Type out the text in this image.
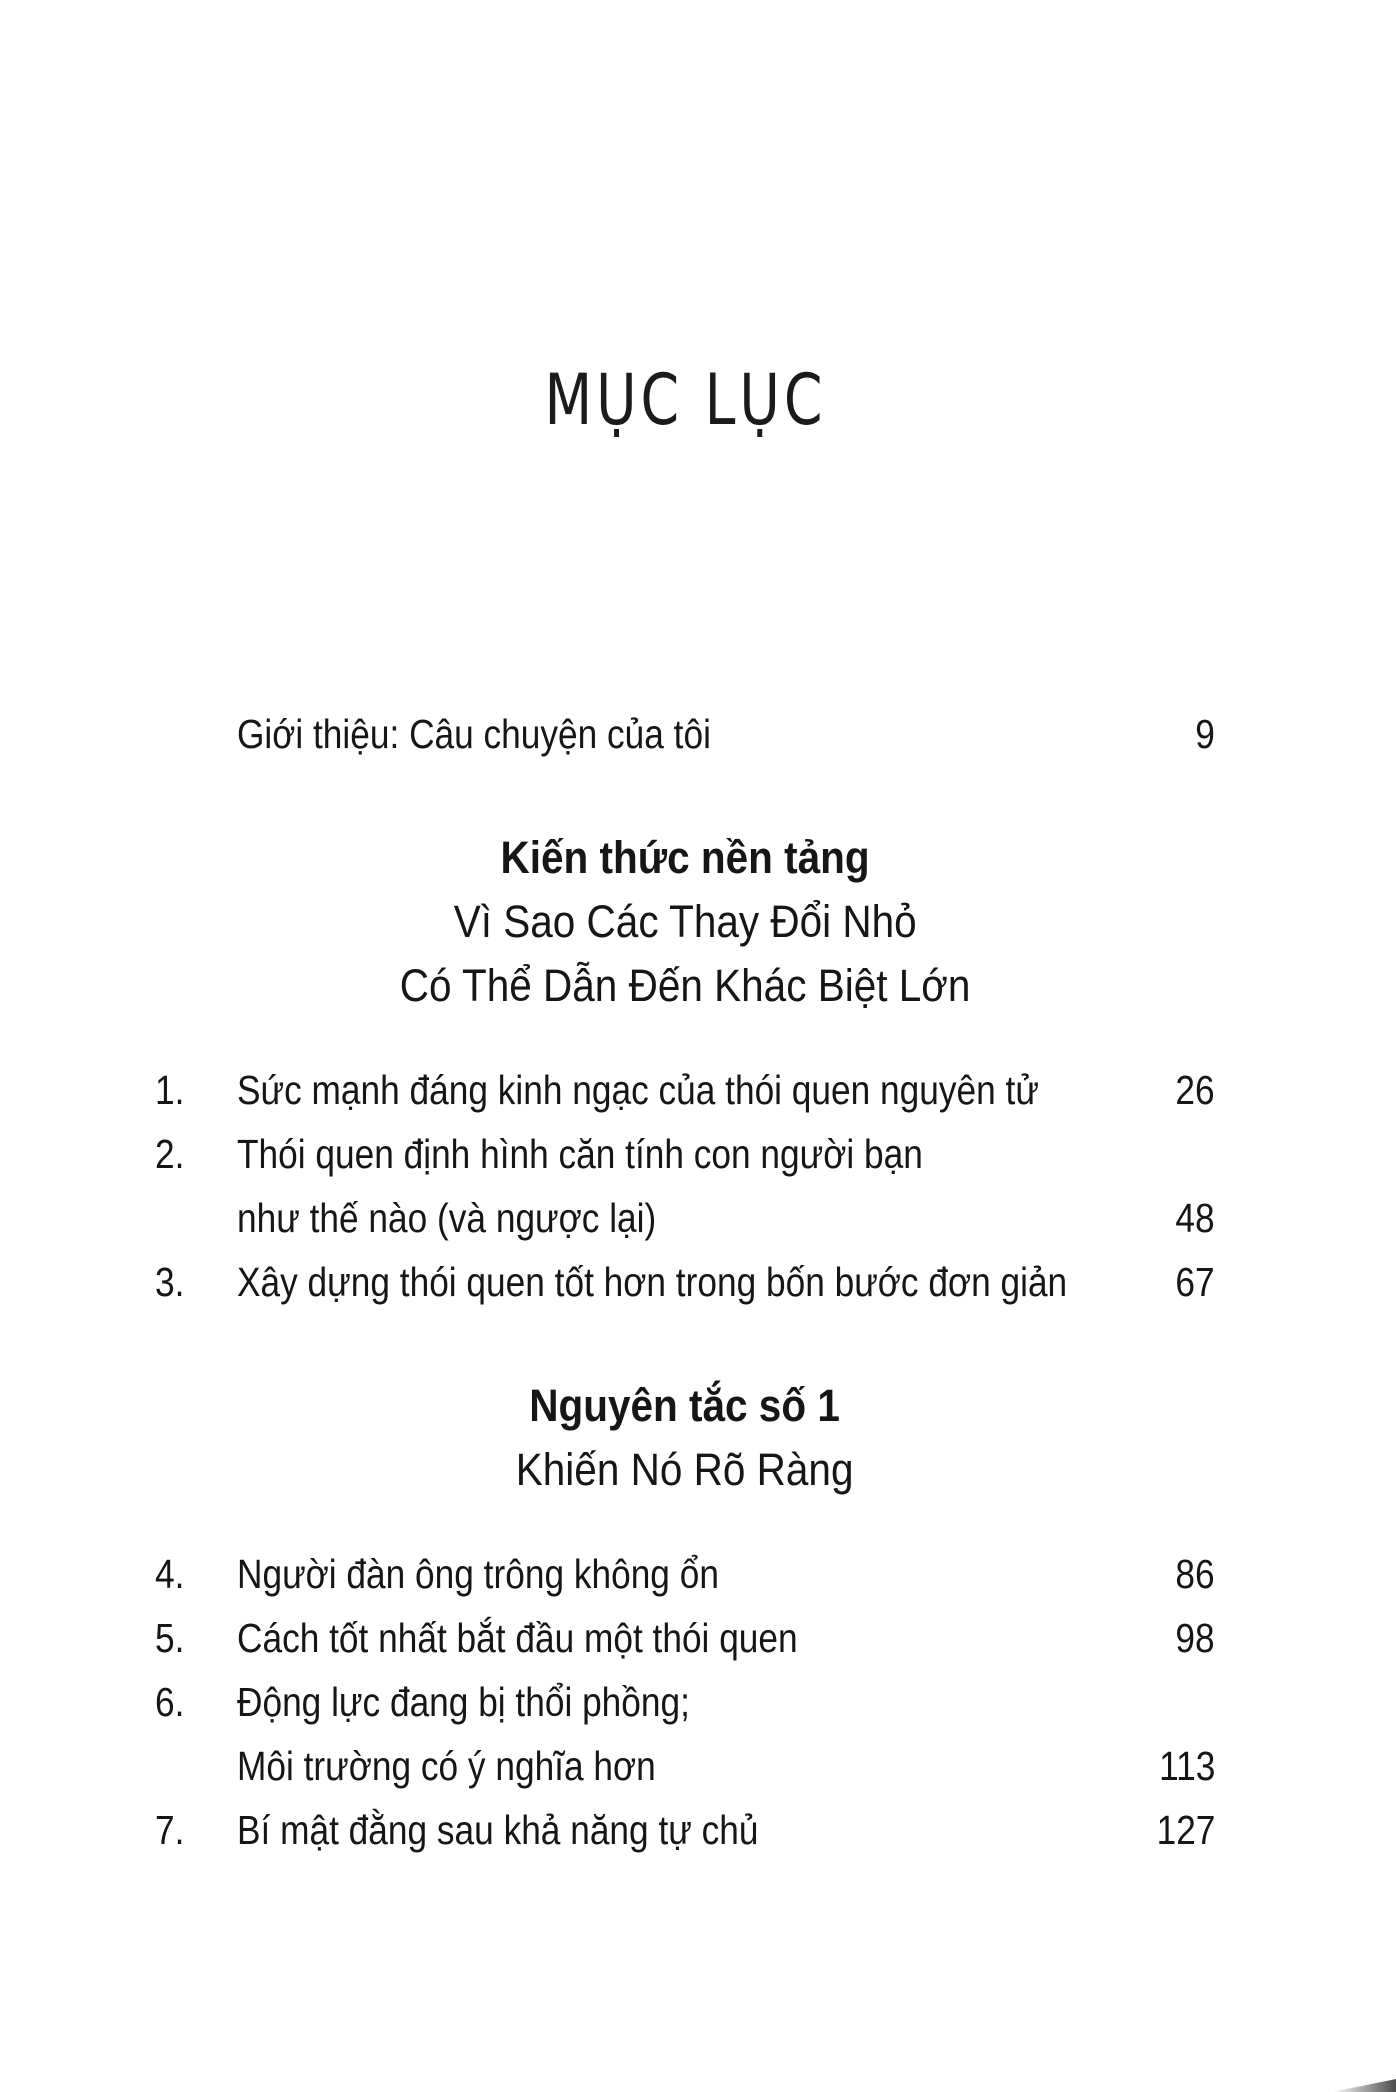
MỤC LỤC
Giới thiệu: Câu chuyện của tôi	9
Kiến thức nền tảng
Vì Sao Các Thay Đổi Nhỏ
Có Thể Dẫn Đến Khác Biệt Lớn
1.	Sức mạnh đáng kinh ngạc của thói quen nguyên tử	26
2.	Thói quen định hình căn tính con người bạn
như thế nào (và ngược lại)	48
3.	Xây dựng thói quen tốt hơn trong bốn bước đơn giản	67
Nguyên tắc số 1
Khiến Nó Rõ Ràng
4.	Người đàn ông trông không ổn	86
5.	Cách tốt nhất bắt đầu một thói quen	98
6.	Động lực đang bị thổi phồng;
Môi trường có ý nghĩa hơn	113
7.	Bí mật đằng sau khả năng tự chủ	127
